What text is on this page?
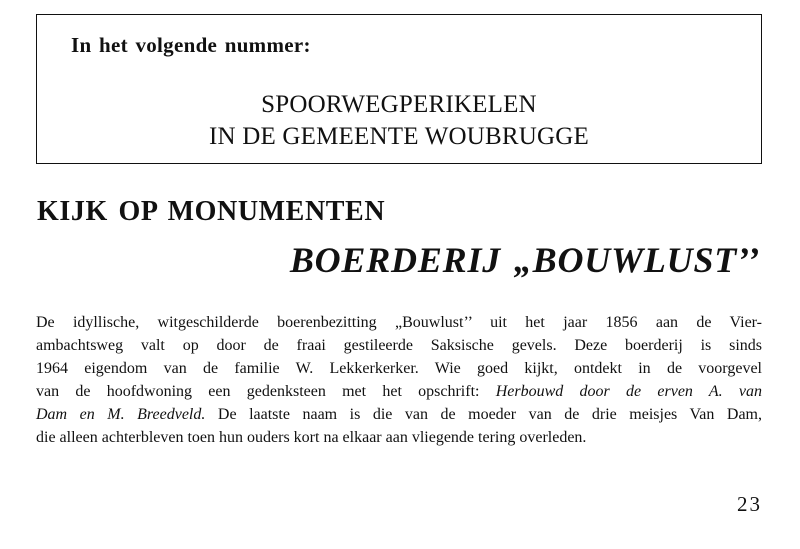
In het volgende nummer:
SPOORWEGPERIKELEN
IN DE GEMEENTE WOUBRUGGE
KIJK OP MONUMENTEN
BOERDERIJ „BOUWLUST’’
De idyllische, witgeschilderde boerenbezitting „Bouwlust’’ uit het jaar 1856 aan de Vier-
ambachtsweg valt op door de fraai gestileerde Saksische gevels. Deze boerderij is sinds
1964 eigendom van de familie W. Lekkerkerker. Wie goed kijkt, ontdekt in de voorgevel
van de hoofdwoning een gedenksteen met het opschrift: Herbouwd door de erven A. van
Dam en M. Breedveld. De laatste naam is die van de moeder van de drie meisjes Van Dam,
die alleen achterbleven toen hun ouders kort na elkaar aan vliegende tering overleden.
23
